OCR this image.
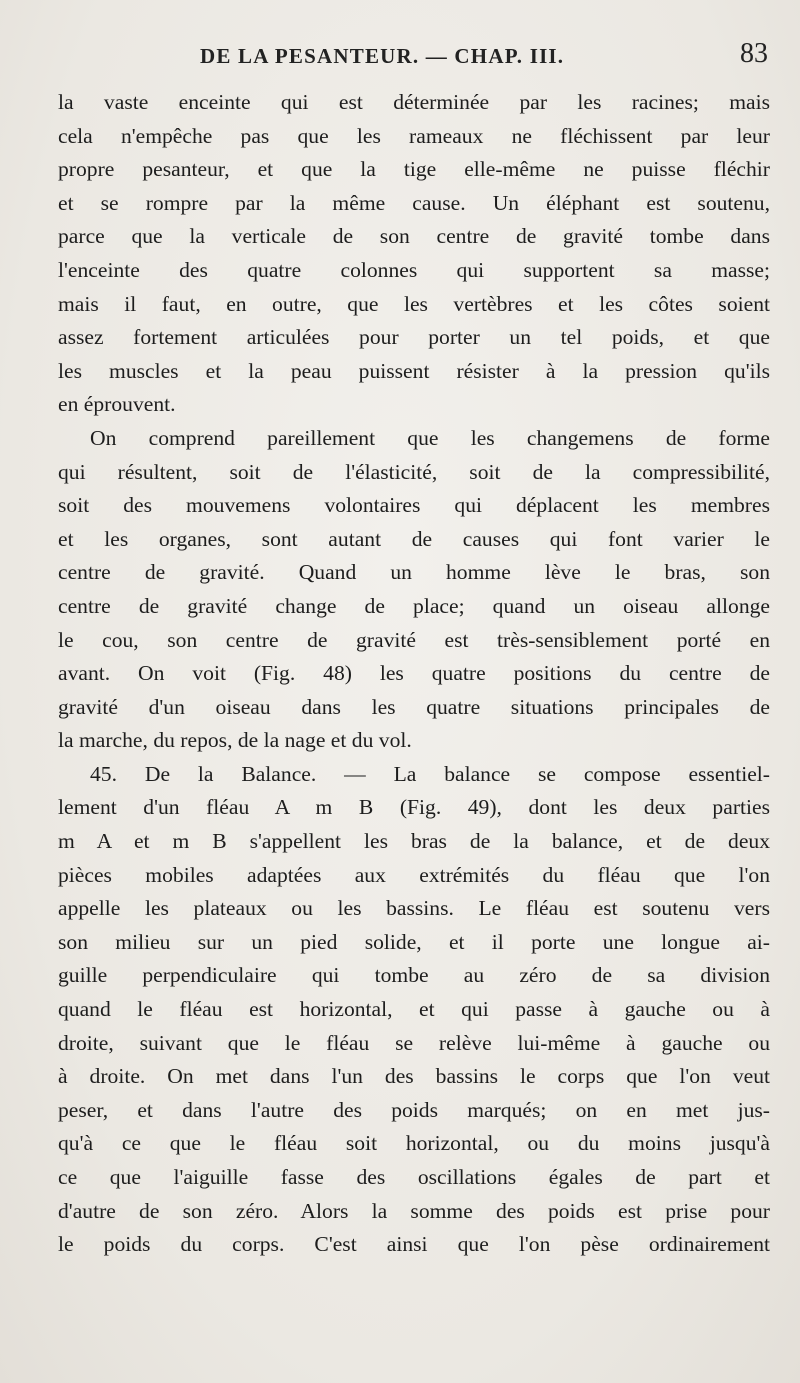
DE LA PESANTEUR. — CHAP. III.	83
la vaste enceinte qui est déterminée par les racines; mais
cela n'empêche pas que les rameaux ne fléchissent par leur
propre pesanteur, et que la tige elle-même ne puisse fléchir
et se rompre par la même cause. Un éléphant est soutenu,
parce que la verticale de son centre de gravité tombe dans
l'enceinte des quatre colonnes qui supportent sa masse;
mais il faut, en outre, que les vertèbres et les côtes soient
assez fortement articulées pour porter un tel poids, et que
les muscles et la peau puissent résister à la pression qu'ils
en éprouvent.
On comprend pareillement que les changemens de forme
qui résultent, soit de l'élasticité, soit de la compressibilité,
soit des mouvemens volontaires qui déplacent les membres
et les organes, sont autant de causes qui font varier le
centre de gravité. Quand un homme lève le bras, son
centre de gravité change de place; quand un oiseau allonge
le cou, son centre de gravité est très-sensiblement porté en
avant. On voit (Fig. 48) les quatre positions du centre de
gravité d'un oiseau dans les quatre situations principales de
la marche, du repos, de la nage et du vol.
45. De la Balance. — La balance se compose essentiel-
lement d'un fléau A m B (Fig. 49), dont les deux parties
m A et m B s'appellent les bras de la balance, et de deux
pièces mobiles adaptées aux extrémités du fléau que l'on
appelle les plateaux ou les bassins. Le fléau est soutenu vers
son milieu sur un pied solide, et il porte une longue ai-
guille perpendiculaire qui tombe au zéro de sa division
quand le fléau est horizontal, et qui passe à gauche ou à
droite, suivant que le fléau se relève lui-même à gauche ou
à droite. On met dans l'un des bassins le corps que l'on veut
peser, et dans l'autre des poids marqués; on en met jus-
qu'à ce que le fléau soit horizontal, ou du moins jusqu'à
ce que l'aiguille fasse des oscillations égales de part et
d'autre de son zéro. Alors la somme des poids est prise pour
le poids du corps. C'est ainsi que l'on pèse ordinairement
